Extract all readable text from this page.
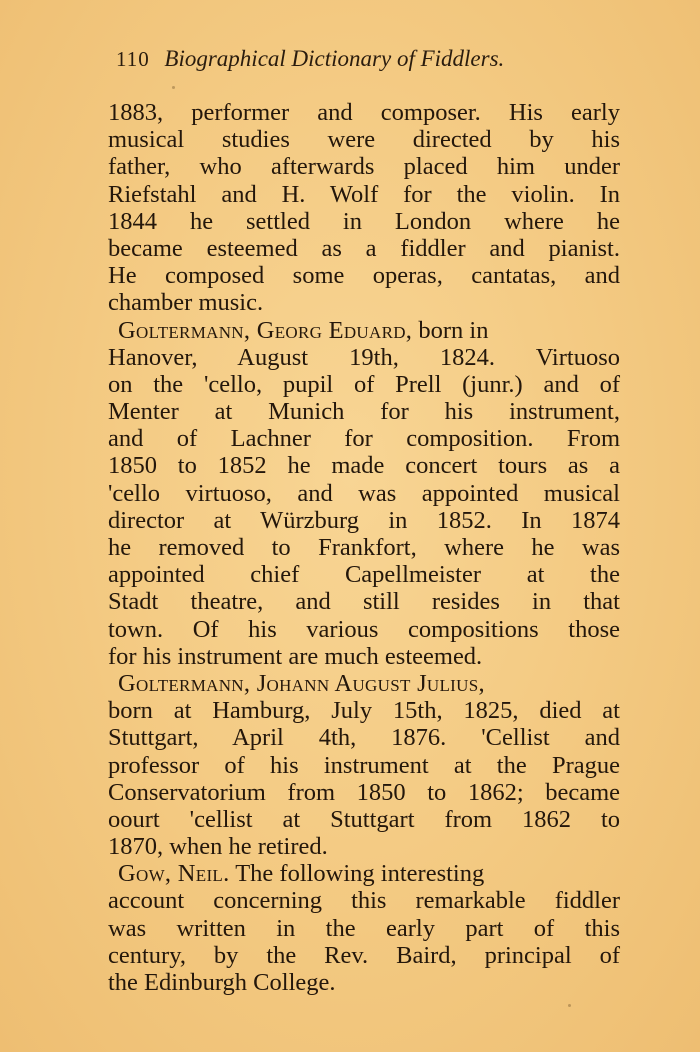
110 Biographical Dictionary of Fiddlers.
1883, performer and composer. His early
musical studies were directed by his
father, who afterwards placed him under
Riefstahl and H. Wolf for the violin. In
1844 he settled in London where he
became esteemed as a fiddler and pianist.
He composed some operas, cantatas, and
chamber music.
Goltermann, Georg Eduard, born in
Hanover, August 19th, 1824. Virtuoso
on the 'cello, pupil of Prell (junr.) and of
Menter at Munich for his instrument,
and of Lachner for composition. From
1850 to 1852 he made concert tours as a
'cello virtuoso, and was appointed musical
director at Würzburg in 1852. In 1874
he removed to Frankfort, where he was
appointed chief Capellmeister at the
Stadt theatre, and still resides in that
town. Of his various compositions those
for his instrument are much esteemed.
Goltermann, Johann August Julius,
born at Hamburg, July 15th, 1825, died at
Stuttgart, April 4th, 1876. 'Cellist and
professor of his instrument at the Prague
Conservatorium from 1850 to 1862; became
oourt 'cellist at Stuttgart from 1862 to
1870, when he retired.
Gow, Neil. The following interesting
account concerning this remarkable fiddler
was written in the early part of this
century, by the Rev. Baird, principal of
the Edinburgh College.
